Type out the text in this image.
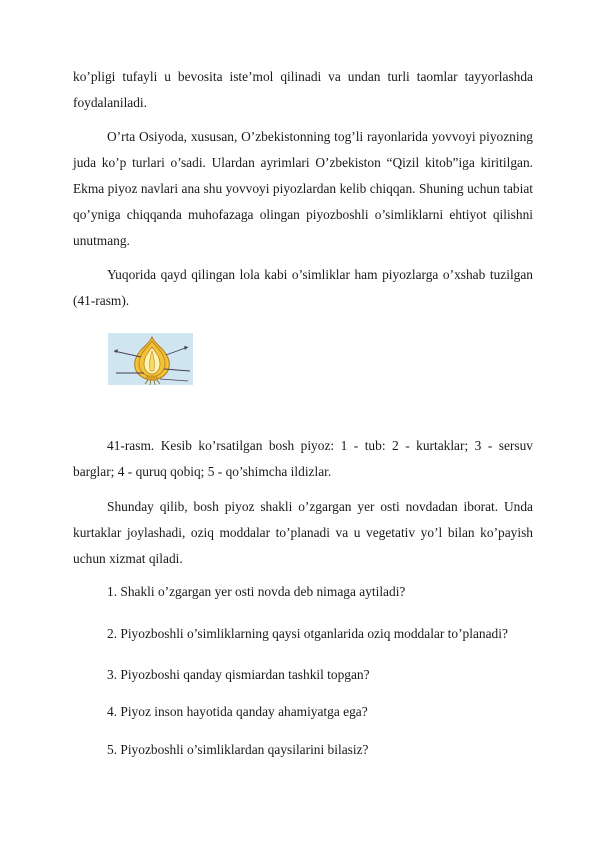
ko’pligi tufayli u bevosita iste’mol qilinadi va undan turli taomlar tayyorlashda foydalaniladi.

O’rta Osiyoda, xususan, O’zbekistonning tog’li rayonlarida yovvoyi piyozning juda ko’p turlari o’sadi. Ulardan ayrimlari O’zbekiston “Qizil kitob”iga kiritilgan. Ekma piyoz navlari ana shu yovvoyi piyozlardan kelib chiqqan. Shuning uchun tabiat qo’yniga chiqqanda muhofazaga olingan piyozboshli o’simliklarni ehtiyot qilishni unutmang.

Yuqorida qayd qilingan lola kabi o’simliklar ham piyozlarga o’xshab tuzilgan (41-rasm).

41-rasm. Kesib ko’rsatilgan bosh piyoz: 1 - tub: 2 - kurtaklar; 3 - sersuv barglar; 4 - quruq qobiq; 5 - qo’shimcha ildizlar.

Shunday qilib, bosh piyoz shakli o’zgargan yer osti novdadan iborat. Unda kurtaklar joylashadi, oziq moddalar to’planadi va u vegetativ yo’l bilan ko’payish uchun xizmat qiladi.

1. Shakli o’zgargan yer osti novda deb nimaga aytiladi?

2. Piyozboshli o’simliklarning qaysi otganlarida oziq moddalar to’planadi?

3. Piyozboshi qanday qismiardan tashkil topgan?

4. Piyoz inson hayotida qanday ahamiyatga ega?

5. Piyozboshli o’simliklardan qaysilarini bilasiz?
